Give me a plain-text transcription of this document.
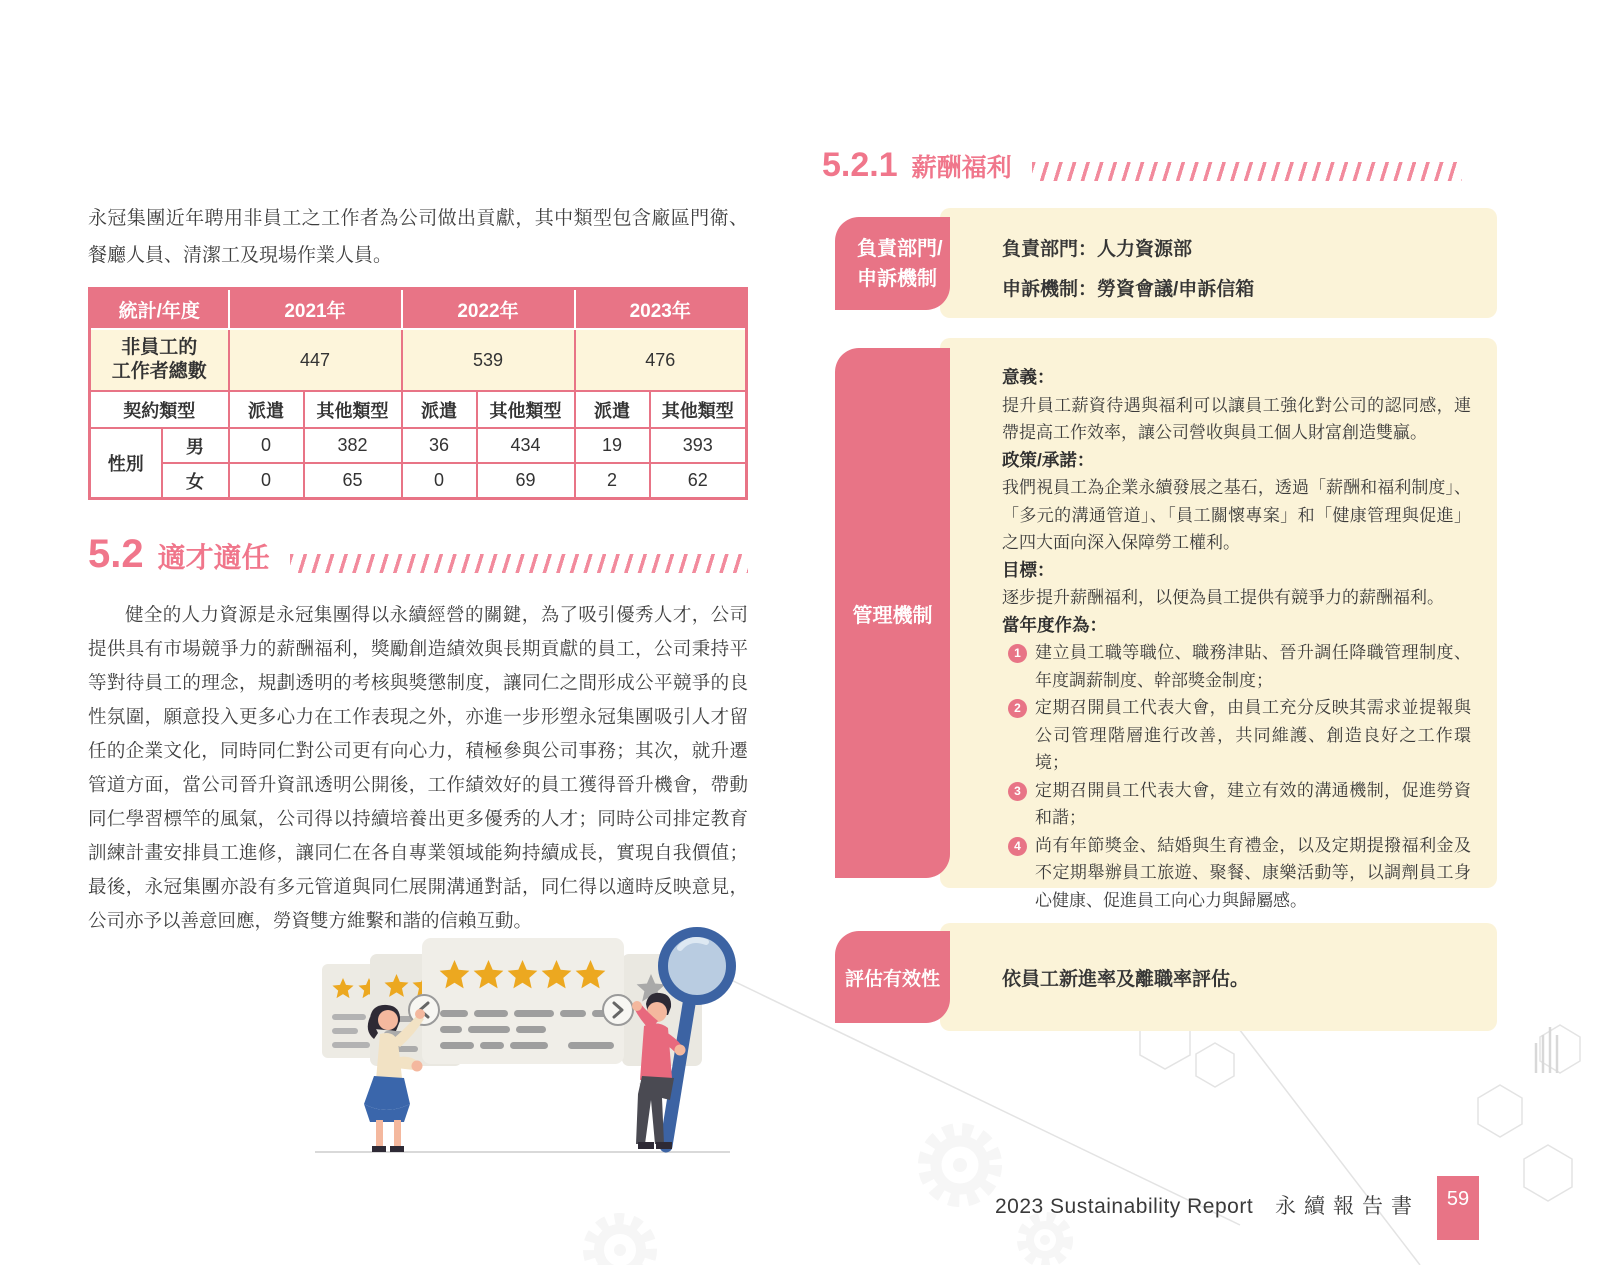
永冠集團近年聘用非員工之工作者為公司做出貢獻，其中類型包含廠區門衛、餐廳人員、清潔工及現場作業人員。

統計/年度		2021年		2022年		2023年	
非員工的
工作者總數		447		539		476	
契約類型		派遣	其他類型	派遣	其他類型	派遣	其他類型
性別	男	0	382	36	434	19	393
	女	0	65	0	69	2	62
5.2 適才適任

健全的人力資源是永冠集團得以永續經營的關鍵，為了吸引優秀人才，公司提供具有市場競爭力的薪酬福利，獎勵創造績效與長期貢獻的員工，公司秉持平等對待員工的理念，規劃透明的考核與獎懲制度，讓同仁之間形成公平競爭的良性氛圍，願意投入更多心力在工作表現之外，亦進一步形塑永冠集團吸引人才留任的企業文化，同時同仁對公司更有向心力，積極參與公司事務；其次，就升遷管道方面，當公司晉升資訊透明公開後，工作績效好的員工獲得晉升機會，帶動同仁學習標竿的風氣，公司得以持續培養出更多優秀的人才；同時公司排定教育訓練計畫安排員工進修，讓同仁在各自專業領域能夠持續成長，實現自我價值；最後，永冠集團亦設有多元管道與同仁展開溝通對話，同仁得以適時反映意見，公司亦予以善意回應，勞資雙方維繫和諧的信賴互動。

5.2.1 薪酬福利
負責部門：人力資源部
申訴機制：勞資會議/申訴信箱
負責部門/
申訴機制
意義：
提升員工薪資待遇與福利可以讓員工強化對公司的認同感，連帶提高工作效率，讓公司營收與員工個人財富創造雙贏。
政策/承諾：
我們視員工為企業永續發展之基石，透過「薪酬和福利制度」、「多元的溝通管道」、「員工關懷專案」和「健康管理與促進」之四大面向深入保障勞工權利。
目標：
逐步提升薪酬福利，以便為員工提供有競爭力的薪酬福利。
當年度作為：
1 建立員工職等職位、職務津貼、晉升調任降職管理制度、年度調薪制度、幹部獎金制度；
2 定期召開員工代表大會，由員工充分反映其需求並提報與公司管理階層進行改善，共同維護、創造良好之工作環境；
3 定期召開員工代表大會，建立有效的溝通機制，促進勞資和諧；
4 尚有年節獎金、結婚與生育禮金，以及定期提撥福利金及不定期舉辦員工旅遊、聚餐、康樂活動等，以調劑員工身心健康、促進員工向心力與歸屬感。
管理機制
依員工新進率及離職率評估。
評估有效性
2023 Sustainability Report 永續報告書	59
